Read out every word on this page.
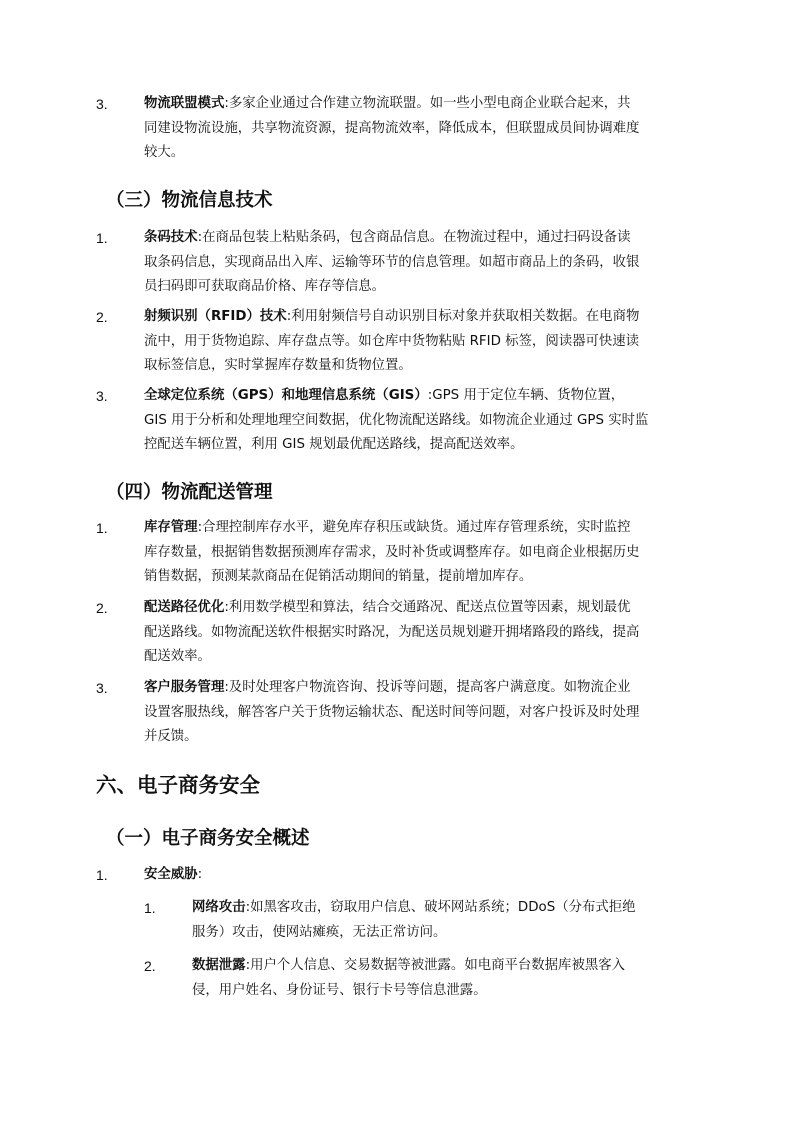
3.	物流联盟模式:多家企业通过合作建立物流联盟。如一些小型电商企业联合起来，共
同建设物流设施，共享物流资源，提高物流效率，降低成本，但联盟成员间协调难度
较大。
（三）物流信息技术
1.	条码技术:在商品包装上粘贴条码，包含商品信息。在物流过程中，通过扫码设备读
取条码信息，实现商品出入库、运输等环节的信息管理。如超市商品上的条码，收银
员扫码即可获取商品价格、库存等信息。
2.	射频识别（RFID）技术:利用射频信号自动识别目标对象并获取相关数据。在电商物
流中，用于货物追踪、库存盘点等。如仓库中货物粘贴 RFID 标签，阅读器可快速读
取标签信息，实时掌握库存数量和货物位置。
3.	全球定位系统（GPS）和地理信息系统（GIS）:GPS 用于定位车辆、货物位置，
GIS 用于分析和处理地理空间数据，优化物流配送路线。如物流企业通过 GPS 实时监
控配送车辆位置，利用 GIS 规划最优配送路线，提高配送效率。
（四）物流配送管理
1.	库存管理:合理控制库存水平，避免库存积压或缺货。通过库存管理系统，实时监控
库存数量，根据销售数据预测库存需求，及时补货或调整库存。如电商企业根据历史
销售数据，预测某款商品在促销活动期间的销量，提前增加库存。
2.	配送路径优化:利用数学模型和算法，结合交通路况、配送点位置等因素，规划最优
配送路线。如物流配送软件根据实时路况，为配送员规划避开拥堵路段的路线，提高
配送效率。
3.	客户服务管理:及时处理客户物流咨询、投诉等问题，提高客户满意度。如物流企业
设置客服热线，解答客户关于货物运输状态、配送时间等问题，对客户投诉及时处理
并反馈。
六、电子商务安全
（一）电子商务安全概述
1.	安全威胁:
1.	网络攻击:如黑客攻击，窃取用户信息、破坏网站系统；DDoS（分布式拒绝
服务）攻击，使网站瘫痪，无法正常访问。
2.	数据泄露:用户个人信息、交易数据等被泄露。如电商平台数据库被黑客入
侵，用户姓名、身份证号、银行卡号等信息泄露。
